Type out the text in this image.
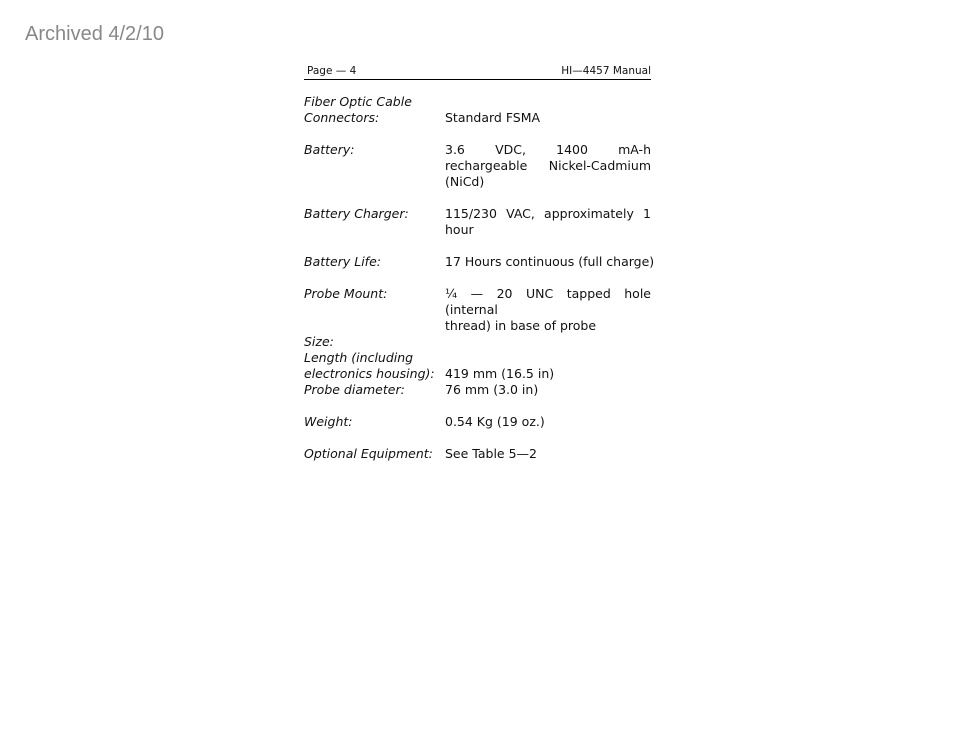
Archived 4/2/10
Page — 4	HI—4457 Manual
Fiber Optic Cable
Connectors:	Standard FSMA
Battery:	3.6 VDC, 1400 mA-h
rechargeable Nickel-Cadmium
(NiCd)
Battery Charger:	115/230 VAC, approximately 1
hour
Battery Life:	17 Hours continuous (full charge)
Probe Mount:	¼ — 20 UNC tapped hole (internal
thread) in base of probe
Size:
Length (including
electronics housing): 419 mm (16.5 in)
Probe diameter:	76 mm (3.0 in)
Weight:	0.54 Kg (19 oz.)
Optional Equipment: See Table 5—2
